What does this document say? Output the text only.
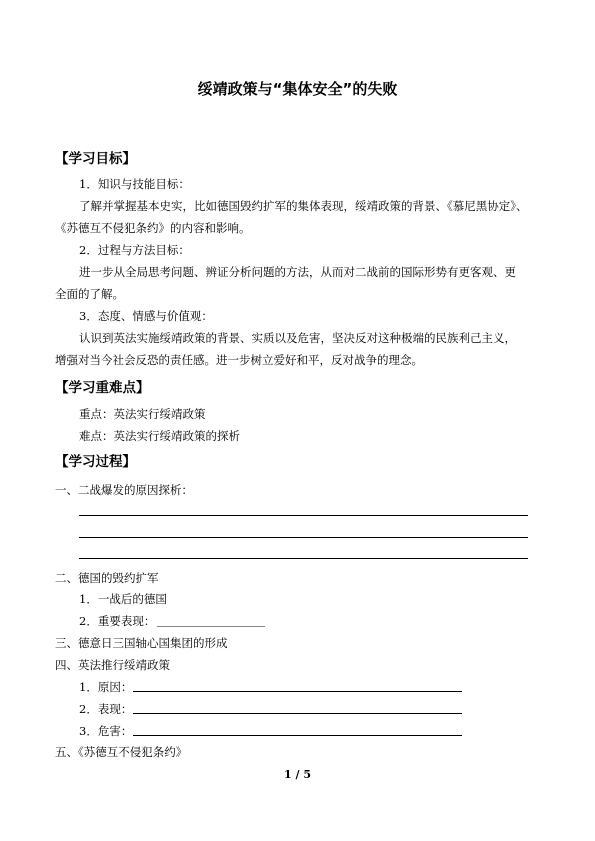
绥靖政策与“集体安全”的失败
【学习目标】
1．知识与技能目标：
了解并掌握基本史实，比如德国毁约扩军的集体表现，绥靖政策的背景、《慕尼黑协定》、
《苏德互不侵犯条约》的内容和影响。
2．过程与方法目标：
进一步从全局思考问题、辨证分析问题的方法，从而对二战前的国际形势有更客观、更
全面的了解。
3．态度、情感与价值观：
认识到英法实施绥靖政策的背景、实质以及危害，坚决反对这种极端的民族利己主义，
增强对当今社会反恐的责任感。进一步树立爱好和平，反对战争的理念。
【学习重难点】
重点：英法实行绥靖政策
难点：英法实行绥靖政策的探析
【学习过程】
一、二战爆发的原因探析：
二、德国的毁约扩军
1．一战后的德国
2．重要表现：
三、德意日三国轴心国集团的形成
四、英法推行绥靖政策
1．原因：
2．表现：
3．危害：
五、《苏德互不侵犯条约》
1 / 5
